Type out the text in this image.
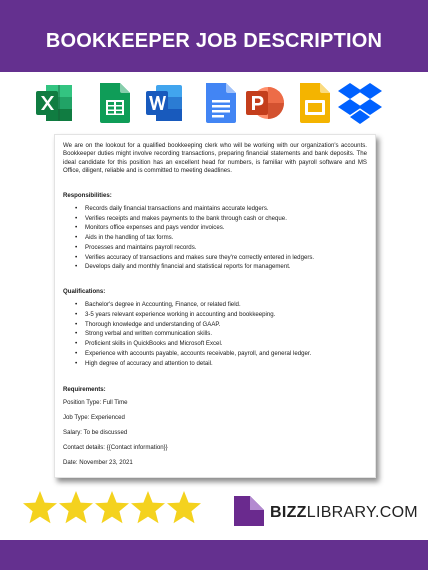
BOOKKEEPER JOB DESCRIPTION

We are on the lookout for a qualified bookkeeping clerk who will be working with our organization's accounts. Bookkeeper duties might involve recording transactions, preparing financial statements and bank deposits. The ideal candidate for this position has an excellent head for numbers, is familiar with payroll software and MS Office, diligent, reliable and is committed to meeting deadlines.

Responsibilities:

• Records daily financial transactions and maintains accurate ledgers.
• Verifies receipts and makes payments to the bank through cash or cheque.
• Monitors office expenses and pays vendor invoices.
• Aids in the handling of tax forms.
• Processes and maintains payroll records.
• Verifies accuracy of transactions and makes sure they're correctly entered in ledgers.
• Develops daily and monthly financial and statistical reports for management.

Qualifications:

• Bachelor's degree in Accounting, Finance, or related field.
• 3-5 years relevant experience working in accounting and bookkeeping.
• Thorough knowledge and understanding of GAAP.
• Strong verbal and written communication skills.
• Proficient skills in QuickBooks and Microsoft Excel.
• Experience with accounts payable, accounts receivable, payroll, and general ledger.
• High degree of accuracy and attention to detail.

Requirements:

Position Type: Full Time

Job Type: Experienced

Salary: To be discussed

Contact details: {{Contact information}}

Date: November 23, 2021

BIZZLIBRARY.COM
